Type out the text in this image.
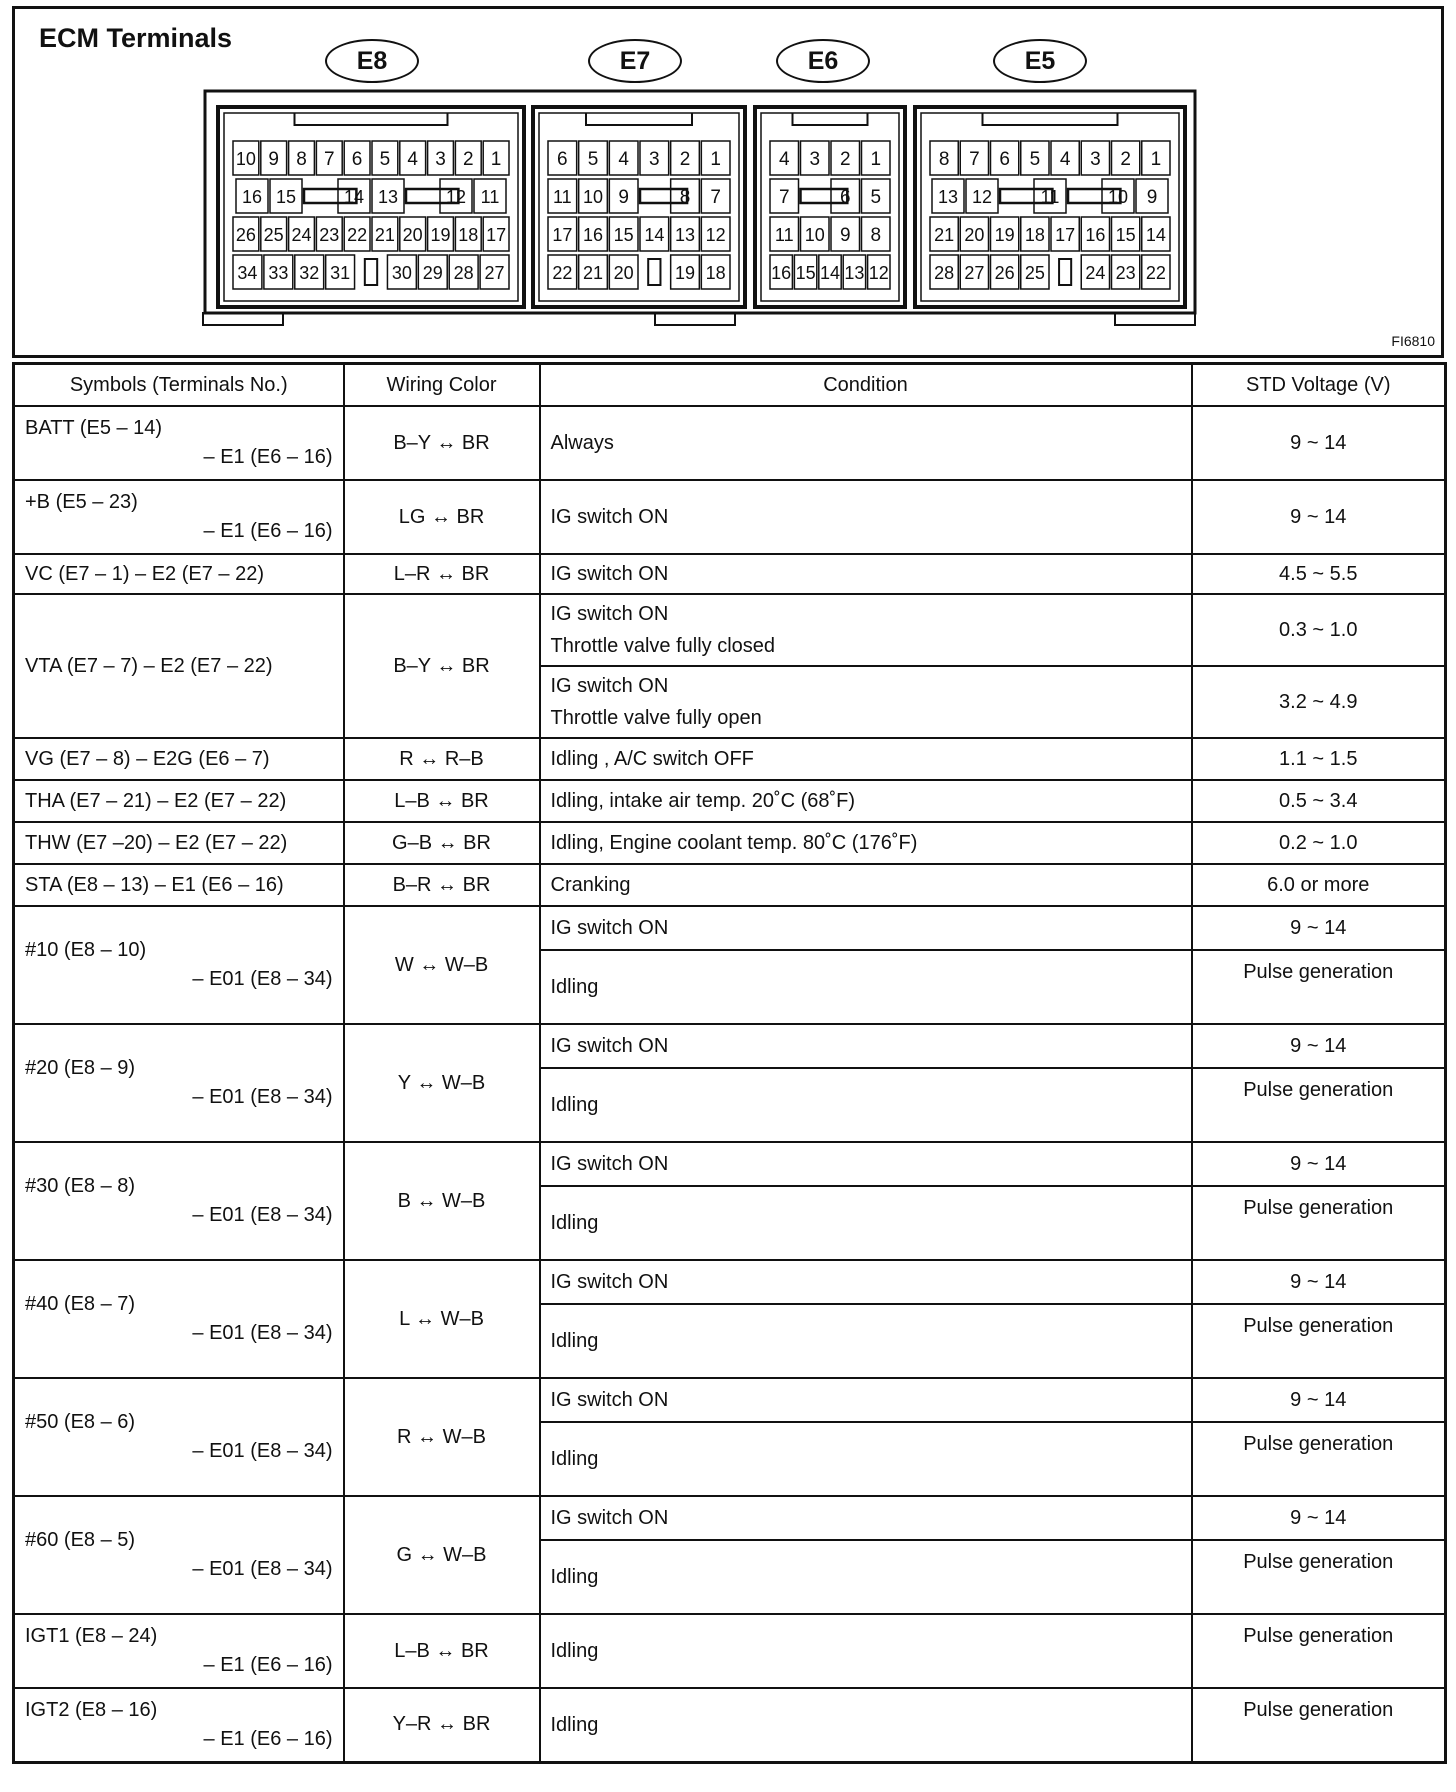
ECM Terminals
E8	E7	E6	E5
10 9 8 7 6 5 4 3 2 1
16 15	14 13	12 11
26 25 24 23 22 21 20 19 18 17
34 33 32 31 30 29 28 27
6 5 4 3 2 1
11 10 9	8 7
17 16 15 14 13 12
22 21 20 19 18
4 3 2 1
7	6 5
11 10 9 8
16 15 14 13 12
8 7 6 5 4 3 2 1
13 12	11	10 9
21 20 19 18 17 16 15 14
28 27 26 25 24 23 22
FI6810
Symbols (Terminals No.)	Wiring Color	Condition	STD Voltage (V)

BATT (E5 – 14)
– E1 (E6 – 16)	B–Y ↔ BR	Always	9 ~ 14

+B (E5 – 23)
– E1 (E6 – 16)	LG ↔ BR	IG switch ON	9 ~ 14

VC (E7 – 1) – E2 (E7 – 22)	L–R ↔ BR	IG switch ON	4.5 ~ 5.5

VTA (E7 – 7) – E2 (E7 – 22)	B–Y ↔ BR	IG switch ON
Throttle valve fully closed	0.3 ~ 1.0

		IG switch ON
Throttle valve fully open	3.2 ~ 4.9

VG (E7 – 8) – E2G (E6 – 7)	R ↔ R–B	Idling , A/C switch OFF	1.1 ~ 1.5

THA (E7 – 21) – E2 (E7 – 22)	L–B ↔ BR	Idling, intake air temp. 20˚C (68˚F)	0.5 ~ 3.4

THW (E7 –20) – E2 (E7 – 22)	G–B ↔ BR	Idling, Engine coolant temp. 80˚C (176˚F)	0.2 ~ 1.0

STA (E8 – 13) – E1 (E6 – 16)	B–R ↔ BR	Cranking	6.0 or more

#10 (E8 – 10)
– E01 (E8 – 34)	W ↔ W–B	IG switch ON	9 ~ 14

		Idling	Pulse generation

#20 (E8 – 9)
– E01 (E8 – 34)	Y ↔ W–B	IG switch ON	9 ~ 14

		Idling	Pulse generation

#30 (E8 – 8)
– E01 (E8 – 34)	B ↔ W–B	IG switch ON	9 ~ 14

		Idling	Pulse generation

#40 (E8 – 7)
– E01 (E8 – 34)	L ↔ W–B	IG switch ON	9 ~ 14

		Idling	Pulse generation

#50 (E8 – 6)
– E01 (E8 – 34)	R ↔ W–B	IG switch ON	9 ~ 14

		Idling	Pulse generation

#60 (E8 – 5)
– E01 (E8 – 34)	G ↔ W–B	IG switch ON	9 ~ 14

		Idling	Pulse generation

IGT1 (E8 – 24)
– E1 (E6 – 16)	L–B ↔ BR	Idling	Pulse generation

IGT2 (E8 – 16)
– E1 (E6 – 16)	Y–R ↔ BR	Idling	Pulse generation
